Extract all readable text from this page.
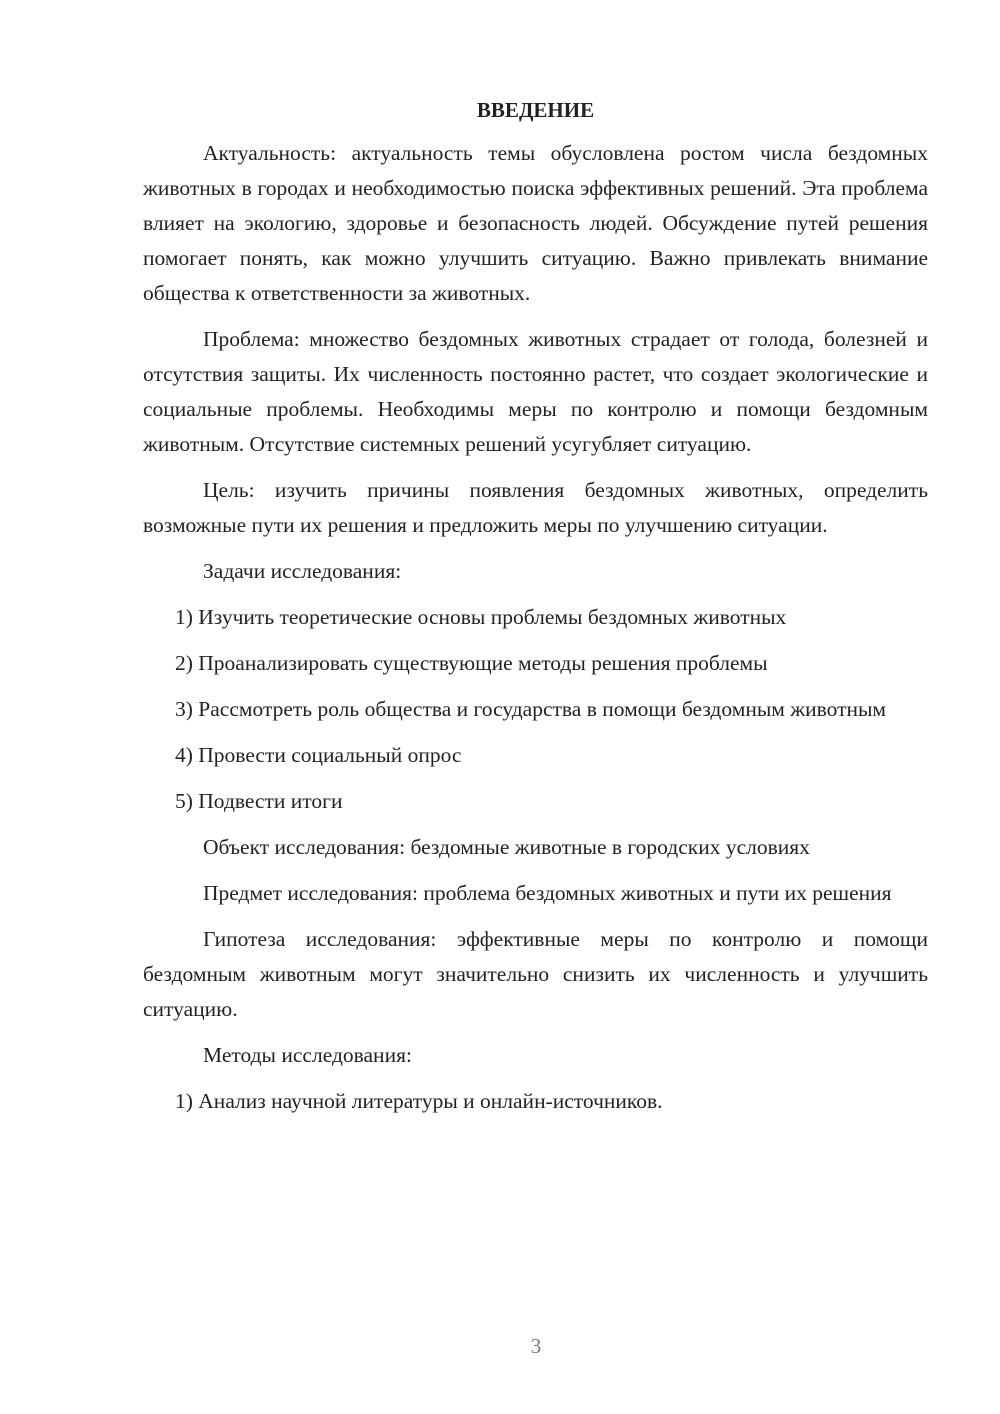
ВВЕДЕНИЕ

Актуальность: актуальность темы обусловлена ростом числа бездомных животных в городах и необходимостью поиска эффективных решений. Эта проблема влияет на экологию, здоровье и безопасность людей. Обсуждение путей решения помогает понять, как можно улучшить ситуацию. Важно привлекать внимание общества к ответственности за животных.

Проблема: множество бездомных животных страдает от голода, болезней и отсутствия защиты. Их численность постоянно растет, что создает экологические и социальные проблемы. Необходимы меры по контролю и помощи бездомным животным. Отсутствие системных решений усугубляет ситуацию.

Цель: изучить причины появления бездомных животных, определить возможные пути их решения и предложить меры по улучшению ситуации.

Задачи исследования:

1) Изучить теоретические основы проблемы бездомных животных

2) Проанализировать существующие методы решения проблемы

3) Рассмотреть роль общества и государства в помощи бездомным животным

4) Провести социальный опрос

5) Подвести итоги

Объект исследования: бездомные животные в городских условиях

Предмет исследования: проблема бездомных животных и пути их решения

Гипотеза исследования: эффективные меры по контролю и помощи бездомным животным могут значительно снизить их численность и улучшить ситуацию.

Методы исследования:

1) Анализ научной литературы и онлайн-источников.

3
